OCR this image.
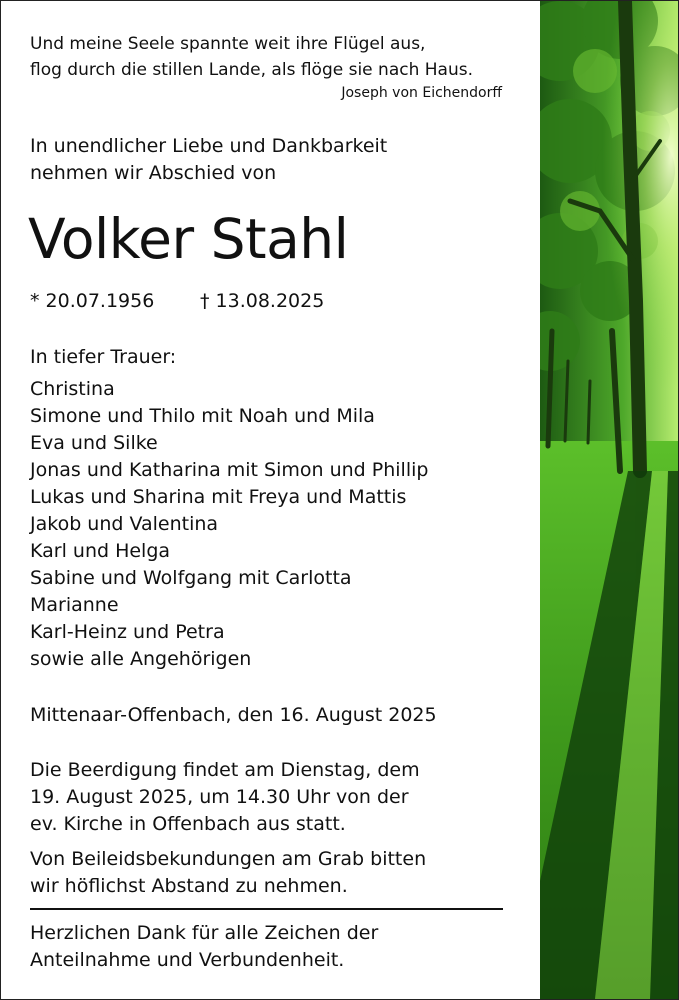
Und meine Seele spannte weit ihre Flügel aus,
flog durch die stillen Lande, als flöge sie nach Haus.
Joseph von Eichendorff
In unendlicher Liebe und Dankbarkeit
nehmen wir Abschied von
Volker Stahl
* 20.07.1956 † 13.08.2025
In tiefer Trauer:
Christina
Simone und Thilo mit Noah und Mila
Eva und Silke
Jonas und Katharina mit Simon und Phillip
Lukas und Sharina mit Freya und Mattis
Jakob und Valentina
Karl und Helga
Sabine und Wolfgang mit Carlotta
Marianne
Karl-Heinz und Petra
sowie alle Angehörigen
Mittenaar-Offenbach, den 16. August 2025
Die Beerdigung findet am Dienstag, dem
19. August 2025, um 14.30 Uhr von der
ev. Kirche in Offenbach aus statt.
Von Beileidsbekundungen am Grab bitten
wir höflichst Abstand zu nehmen.
Herzlichen Dank für alle Zeichen der
Anteilnahme und Verbundenheit.
